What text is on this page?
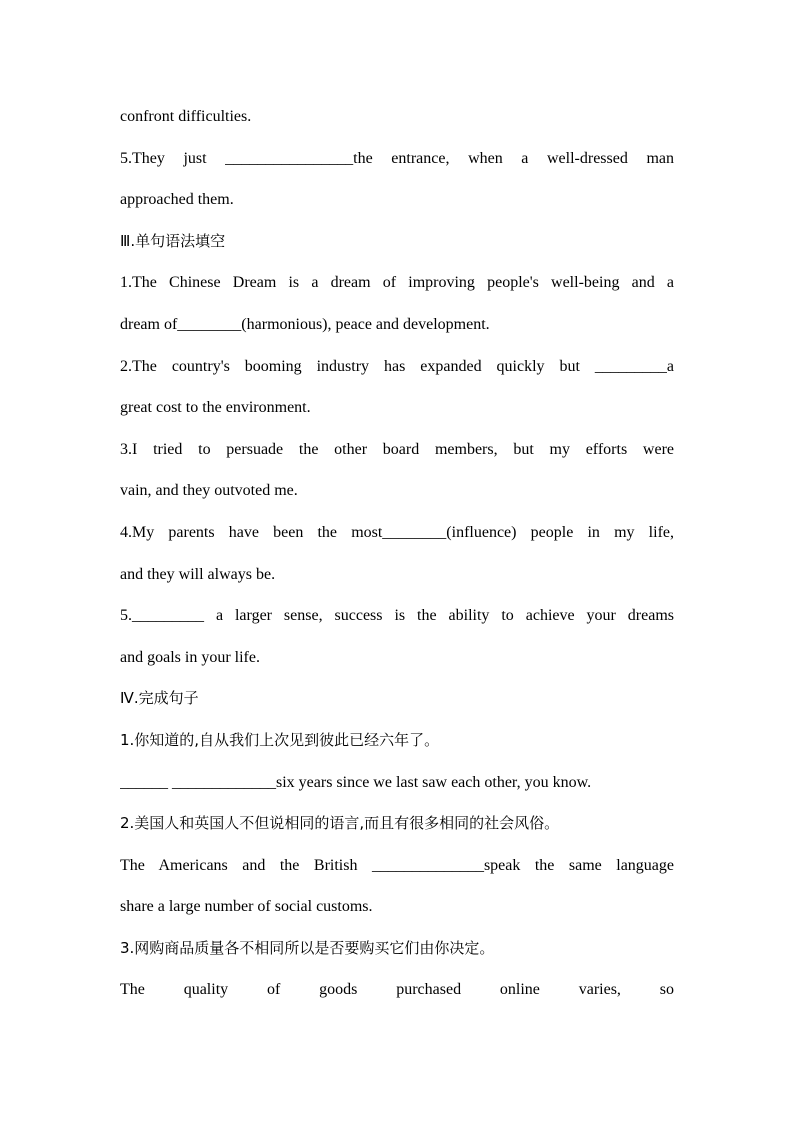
confront difficulties.
5.They just ________________the entrance, when a well-dressed man
approached them.
Ⅲ.单句语法填空
1.The Chinese Dream is a dream of improving people's well-being and a
dream of________(harmonious), peace and development.
2.The country's booming industry has expanded quickly but _________a
great cost to the environment.
3.I tried to persuade the other board members, but my efforts were
vain, and they outvoted me.
4.My parents have been the most________(influence) people in my life,
and they will always be.
5._________ a larger sense, success is the ability to achieve your dreams
and goals in your life.
Ⅳ.完成句子
1.你知道的,自从我们上次见到彼此已经六年了。
______ _____________six years since we last saw each other, you know.
2.美国人和英国人不但说相同的语言,而且有很多相同的社会风俗。
The Americans and the British ______________speak the same language
share a large number of social customs.
3.网购商品质量各不相同所以是否要购买它们由你决定。
The quality of goods purchased online varies, so
